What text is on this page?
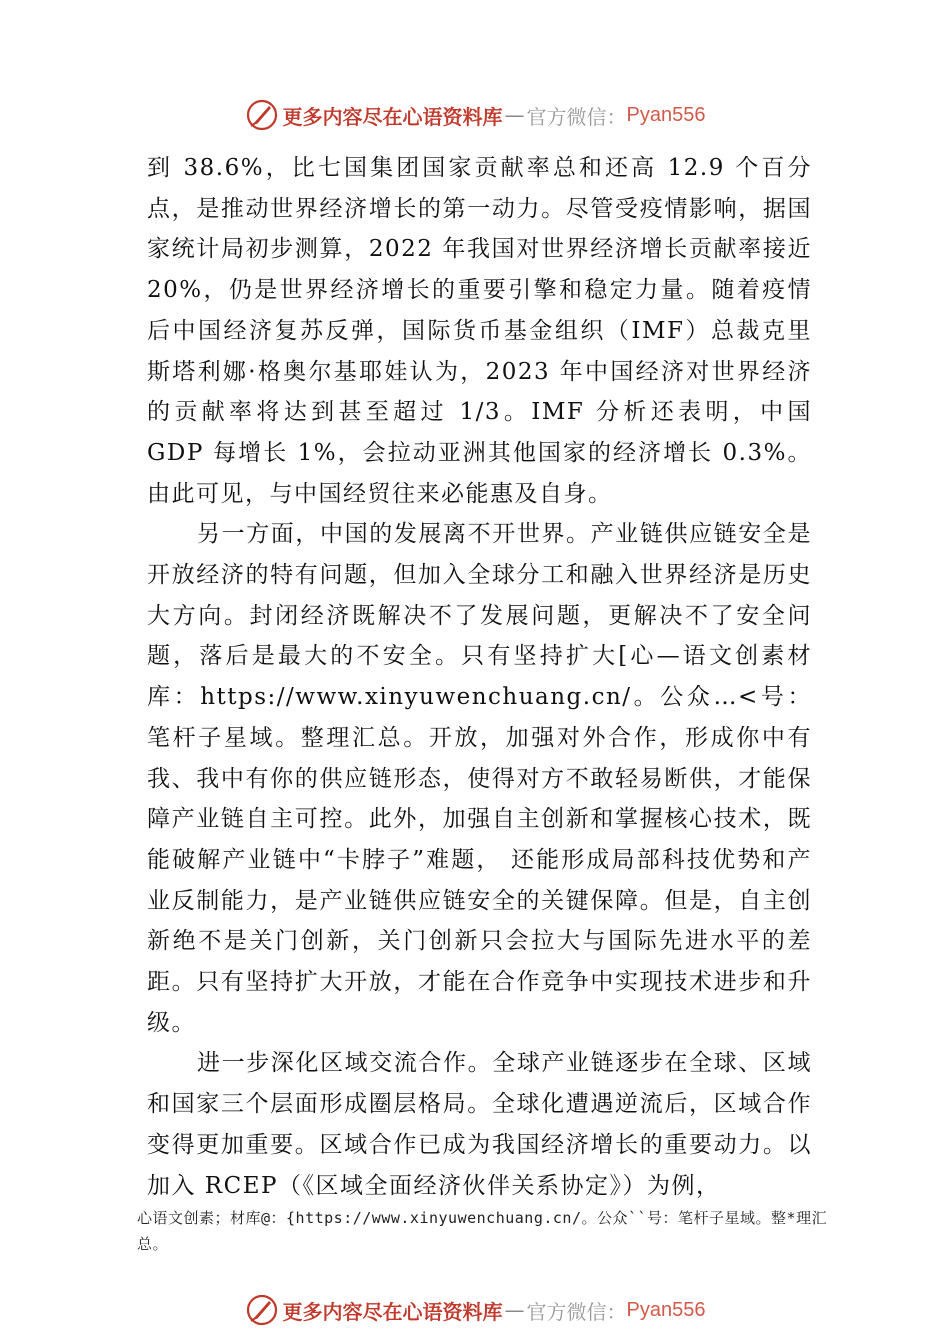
更多内容尽在心语资料库 — 官方微信： Pyan556

到 38.6%，比七国集团国家贡献率总和还高 12.9 个百分点，是推动世界经济增长的第一动力。尽管受疫情影响，据国家统计局初步测算，2022 年我国对世界经济增长贡献率接近 20%，仍是世界经济增长的重要引擎和稳定力量。随着疫情后中国经济复苏反弹，国际货币基金组织（IMF）总裁克里斯塔利娜·格奥尔基耶娃认为，2023 年中国经济对世界经济的贡献率将达到甚至超过 1/3。IMF 分析还表明，中国 GDP 每增长 1%，会拉动亚洲其他国家的经济增长 0.3%。由此可见，与中国经贸往来必能惠及自身。

另一方面，中国的发展离不开世界。产业链供应链安全是开放经济的特有问题，但加入全球分工和融入世界经济是历史大方向。封闭经济既解决不了发展问题，更解决不了安全问题，落后是最大的不安全。只有坚持扩大[心—语文创素材库：https://www.xinyuwenchuang.cn/。公众…<号：笔杆子星域。整理汇总。开放，加强对外合作，形成你中有我、我中有你的供应链形态，使得对方不敢轻易断供，才能保障产业链自主可控。此外，加强自主创新和掌握核心技术，既能破解产业链中“卡脖子”难题， 还能形成局部科技优势和产业反制能力，是产业链供应链安全的关键保障。但是，自主创新绝不是关门创新，关门创新只会拉大与国际先进水平的差距。只有坚持扩大开放，才能在合作竞争中实现技术进步和升级。

进一步深化区域交流合作。全球产业链逐步在全球、区域和国家三个层面形成圈层格局。全球化遭遇逆流后，区域合作变得更加重要。区域合作已成为我国经济增长的重要动力。以加入 RCEP（《区域全面经济伙伴关系协定》）为例，

心语文创素；材库@：{https://www.xinyuwenchuang.cn/。公众``号：笔杆子星域。整*理汇总。
更多内容尽在心语资料库 — 官方微信： Pyan556
